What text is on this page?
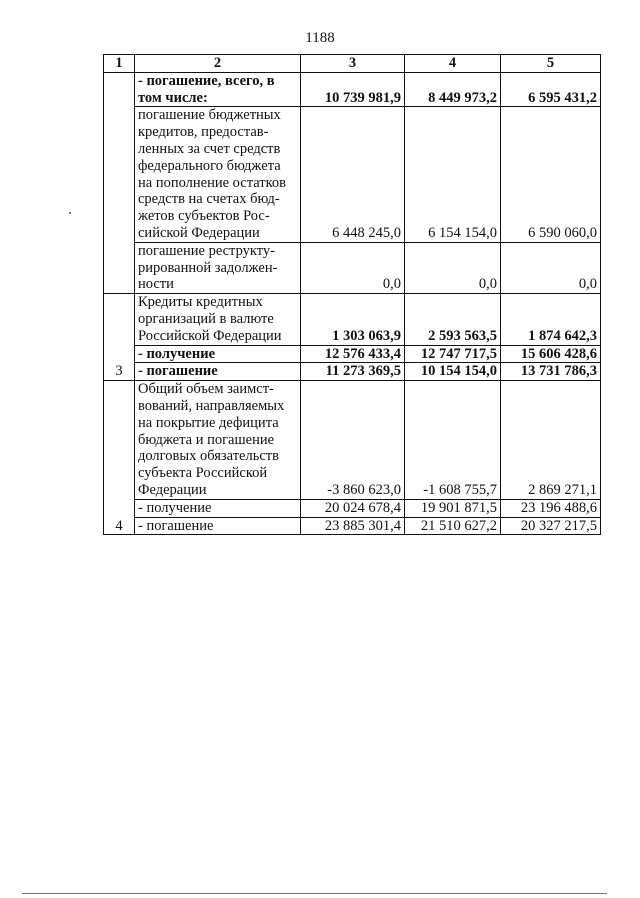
1188
1	2	3	4	5
	- погашение, всего, в том числе:	10 739 981,9	8 449 973,2	6 595 431,2
	погашение бюджетных кредитов, предостав-ленных за счет средств федерального бюджета на пополнение остатков средств на счетах бюд-жетов субъектов Рос-сийской Федерации	6 448 245,0	6 154 154,0	6 590 060,0
	погашение реструкту-рированной задолжен-ности	0,0	0,0	0,0
3	Кредиты кредитных организаций в валюте Российской Федерации	1 303 063,9	2 593 563,5	1 874 642,3
	- получение	12 576 433,4	12 747 717,5	15 606 428,6
	- погашение	11 273 369,5	10 154 154,0	13 731 786,3
4	Общий объем заимст-вований, направляемых на покрытие дефицита бюджета и погашение долговых обязательств субъекта Российской Федерации	-3 860 623,0	-1 608 755,7	2 869 271,1
	- получение	20 024 678,4	19 901 871,5	23 196 488,6
	- погашение	23 885 301,4	21 510 627,2	20 327 217,5
